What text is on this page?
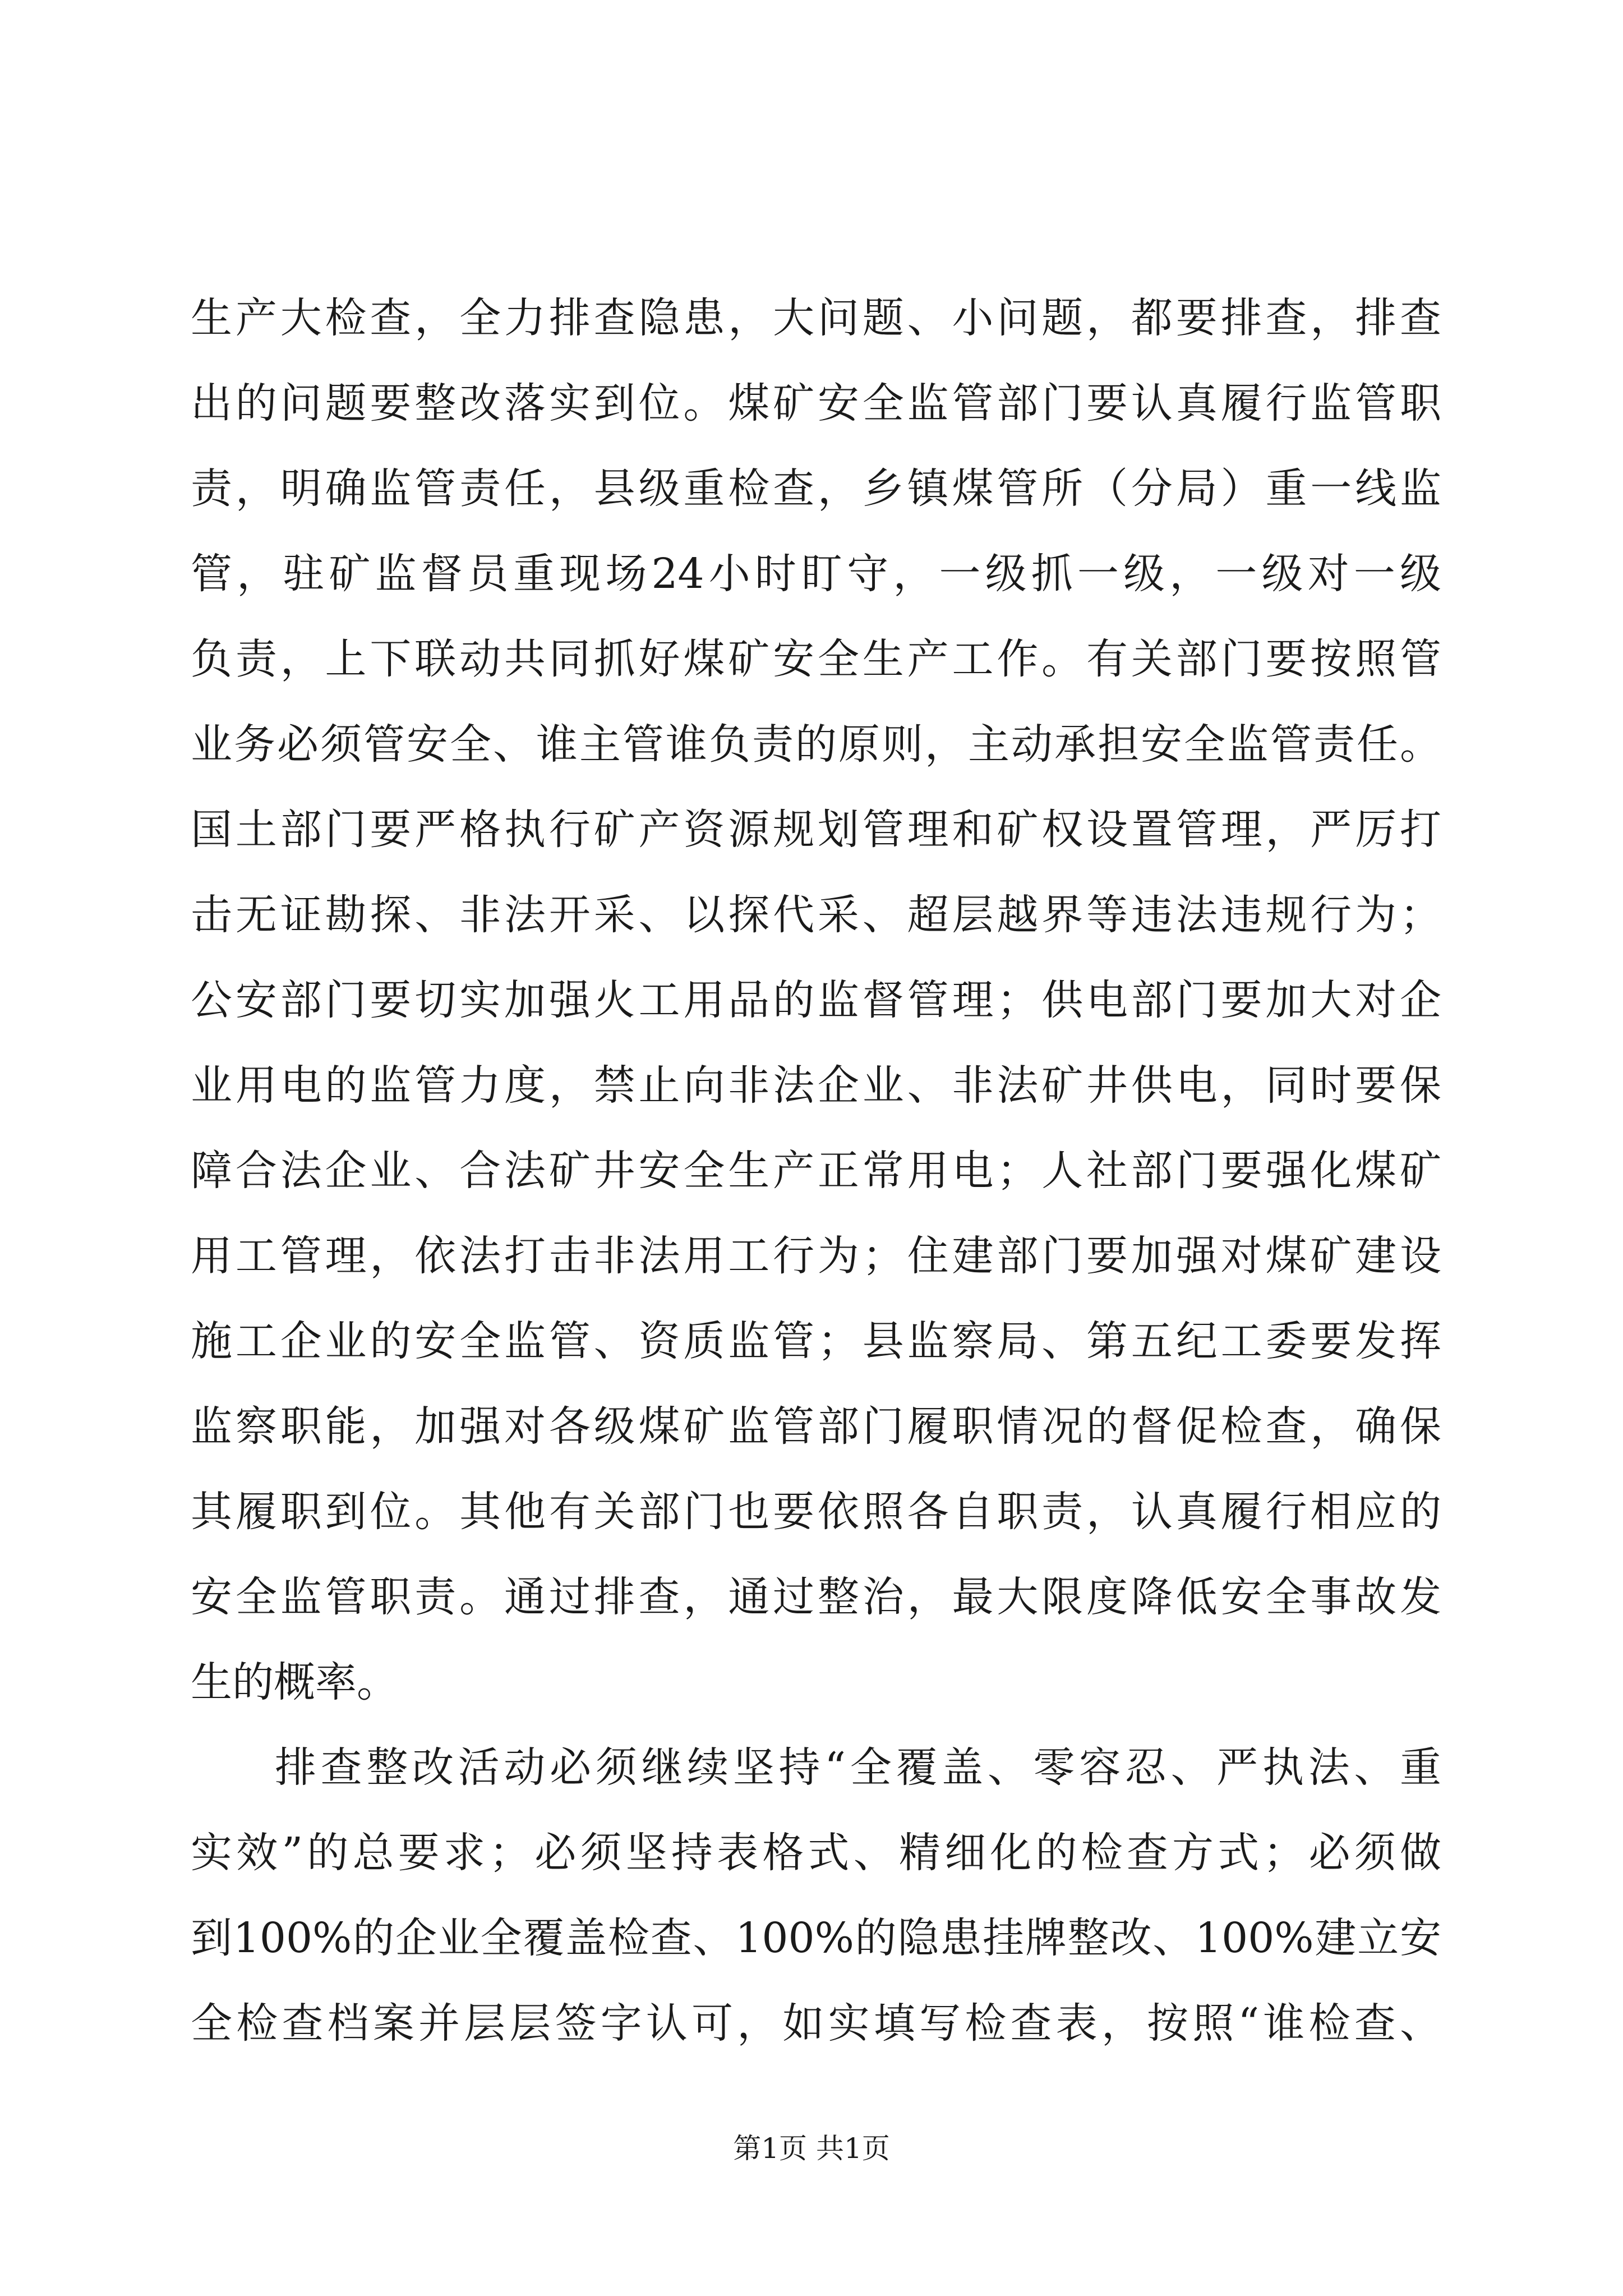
生产大检查，全力排查隐患，大问题、小问题，都要排查，排查
出的问题要整改落实到位。煤矿安全监管部门要认真履行监管职
责，明确监管责任，县级重检查，乡镇煤管所（分局）重一线监
管，驻矿监督员重现场24小时盯守，一级抓一级，一级对一级
负责，上下联动共同抓好煤矿安全生产工作。有关部门要按照管
业务必须管安全、谁主管谁负责的原则，主动承担安全监管责任。
国土部门要严格执行矿产资源规划管理和矿权设置管理，严厉打
击无证勘探、非法开采、以探代采、超层越界等违法违规行为；
公安部门要切实加强火工用品的监督管理；供电部门要加大对企
业用电的监管力度，禁止向非法企业、非法矿井供电，同时要保
障合法企业、合法矿井安全生产正常用电；人社部门要强化煤矿
用工管理，依法打击非法用工行为；住建部门要加强对煤矿建设
施工企业的安全监管、资质监管；县监察局、第五纪工委要发挥
监察职能，加强对各级煤矿监管部门履职情况的督促检查，确保
其履职到位。其他有关部门也要依照各自职责，认真履行相应的
安全监管职责。通过排查，通过整治，最大限度降低安全事故发
生的概率。
排查整改活动必须继续坚持“全覆盖、零容忍、严执法、重
实效”的总要求；必须坚持表格式、精细化的检查方式；必须做
到100%的企业全覆盖检查、100%的隐患挂牌整改、100%建立安
全检查档案并层层签字认可，如实填写检查表，按照“谁检查、
第1页 共1页
